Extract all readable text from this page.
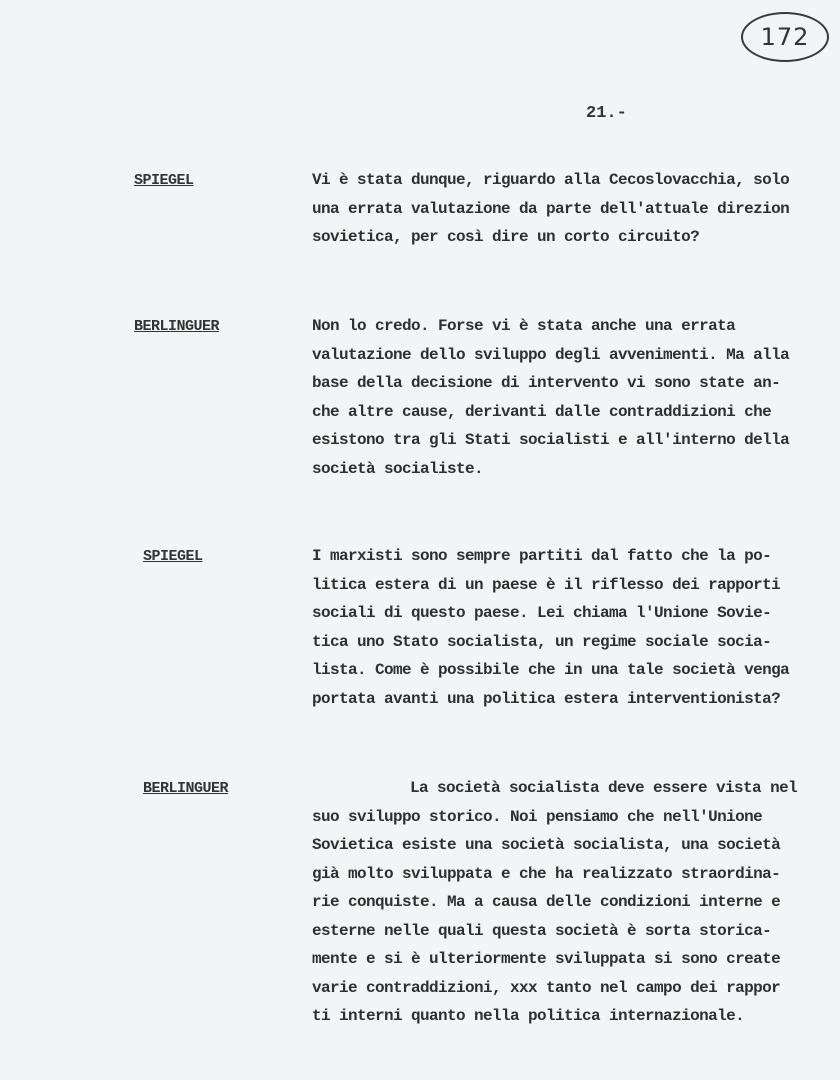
172
21.-
SPIEGEL	Vi è stata dunque, riguardo alla Cecoslovacchia, solo
una errata valutazione da parte dell'attuale direzion
sovietica, per così dire un corto circuito?
BERLINGUER	Non lo credo. Forse vi è stata anche una errata
valutazione dello sviluppo degli avvenimenti. Ma alla
base della decisione di intervento vi sono state an-
che altre cause, derivanti dalle contraddizioni che
esistono tra gli Stati socialisti e all'interno della
società socialiste.
SPIEGEL	I marxisti sono sempre partiti dal fatto che la po-
litica estera di un paese è il riflesso dei rapporti
sociali di questo paese. Lei chiama l'Unione Sovie-
tica uno Stato socialista, un regime sociale socia-
lista. Come è possibile che in una tale società venga
portata avanti una politica estera interventionista?
BERLINGUER	La società socialista deve essere vista nel
suo sviluppo storico. Noi pensiamo che nell'Unione
Sovietica esiste una società socialista, una società
già molto sviluppata e che ha realizzato straordina-
rie conquiste. Ma a causa delle condizioni interne e
esterne nelle quali questa società è sorta storica-
mente e si è ulteriormente sviluppata si sono create
varie contraddizioni, xxx tanto nel campo dei rappor
ti interni quanto nella politica internazionale.
